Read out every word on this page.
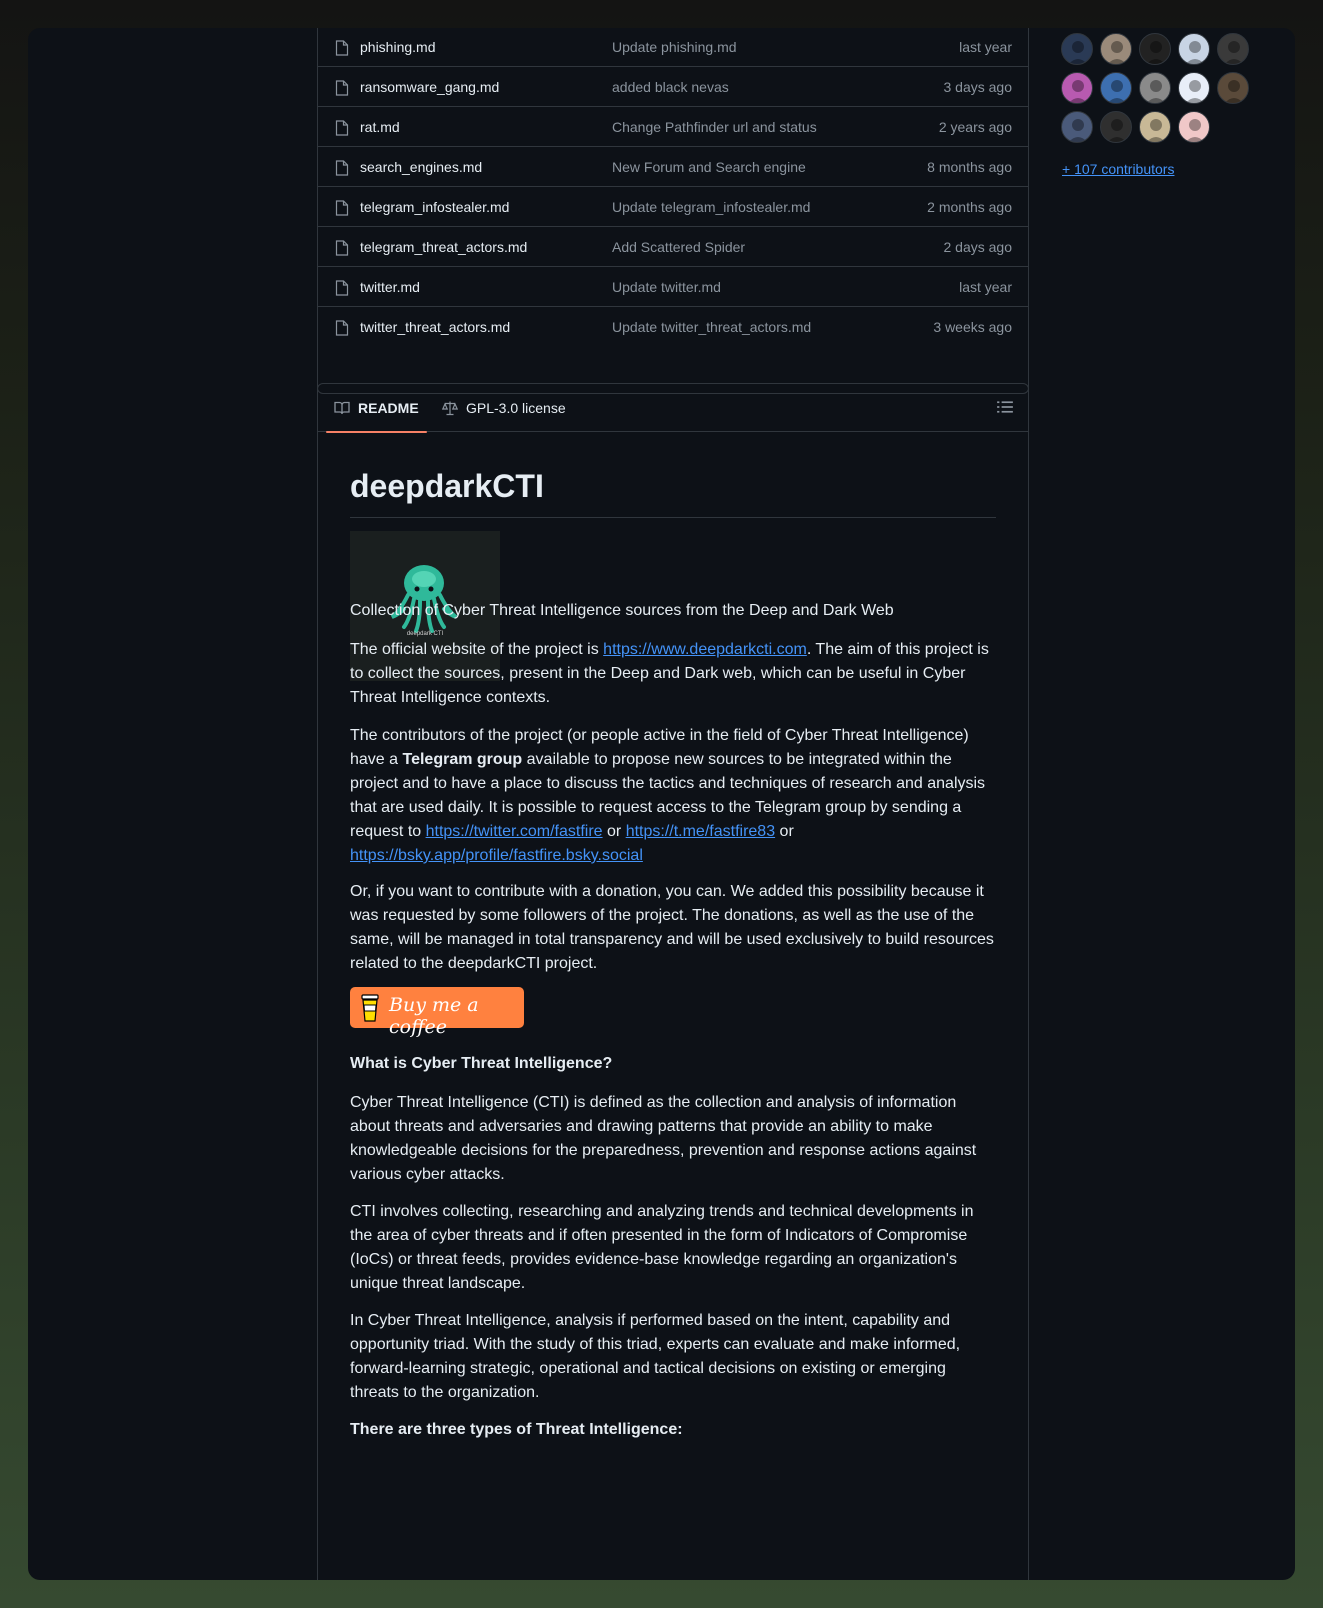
phishing.md	Update phishing.md	last year
ransomware_gang.md	added black nevas	3 days ago
rat.md	Change Pathfinder url and status	2 years ago
search_engines.md	New Forum and Search engine	8 months ago
telegram_infostealer.md	Update telegram_infostealer.md	2 months ago
telegram_threat_actors.md	Add Scattered Spider	2 days ago
twitter.md	Update twitter.md	last year
twitter_threat_actors.md	Update twitter_threat_actors.md	3 weeks ago
README	GPL-3.0 license
deepdarkCTI
deepdark CTI
Collection of Cyber Threat Intelligence sources from the Deep and Dark Web
The official website of the project is https://www.deepdarkcti.com. The aim of this project is to collect the sources, present in the Deep and Dark web, which can be useful in Cyber Threat Intelligence contexts.
The contributors of the project (or people active in the field of Cyber Threat Intelligence) have a Telegram group available to propose new sources to be integrated within the project and to have a place to discuss the tactics and techniques of research and analysis that are used daily. It is possible to request access to the Telegram group by sending a request to https://twitter.com/fastfire or https://t.me/fastfire83 or https://bsky.app/profile/fastfire.bsky.social
Or, if you want to contribute with a donation, you can. We added this possibility because it was requested by some followers of the project. The donations, as well as the use of the same, will be managed in total transparency and will be used exclusively to build resources related to the deepdarkCTI project.
Buy me a coffee
What is Cyber Threat Intelligence?
Cyber Threat Intelligence (CTI) is defined as the collection and analysis of information about threats and adversaries and drawing patterns that provide an ability to make knowledgeable decisions for the preparedness, prevention and response actions against various cyber attacks.
CTI involves collecting, researching and analyzing trends and technical developments in the area of cyber threats and if often presented in the form of Indicators of Compromise (IoCs) or threat feeds, provides evidence-base knowledge regarding an organization's unique threat landscape.
In Cyber Threat Intelligence, analysis if performed based on the intent, capability and opportunity triad. With the study of this triad, experts can evaluate and make informed, forward-learning strategic, operational and tactical decisions on existing or emerging threats to the organization.
There are three types of Threat Intelligence:
+ 107 contributors
